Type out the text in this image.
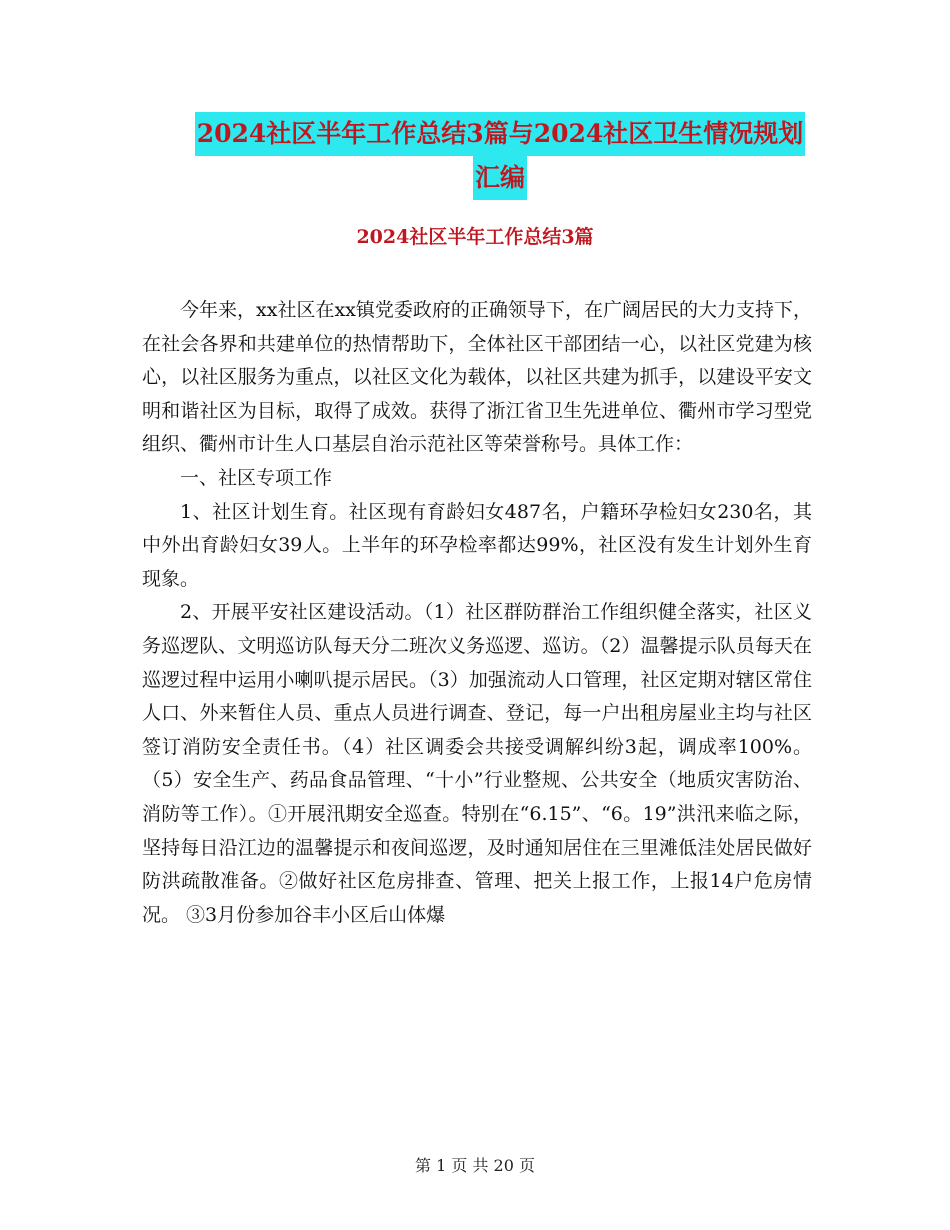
2024社区半年工作总结3篇与2024社区卫生情况规划
汇编
2024社区半年工作总结3篇

今年来，xx社区在xx镇党委政府的正确领导下，在广阔居民的大力支持下，在社会各界和共建单位的热情帮助下，全体社区干部团结一心，以社区党建为核心，以社区服务为重点，以社区文化为载体，以社区共建为抓手，以建设平安文明和谐社区为目标，取得了成效。获得了浙江省卫生先进单位、衢州市学习型党组织、衢州市计生人口基层自治示范社区等荣誉称号。具体工作：

一、社区专项工作

1、社区计划生育。社区现有育龄妇女487名，户籍环孕检妇女230名，其中外出育龄妇女39人。上半年的环孕检率都达99%，社区没有发生计划外生育现象。

2、开展平安社区建设活动。（1）社区群防群治工作组织健全落实，社区义务巡逻队、文明巡访队每天分二班次义务巡逻、巡访。（2）温馨提示队员每天在巡逻过程中运用小喇叭提示居民。（3）加强流动人口管理，社区定期对辖区常住人口、外来暂住人员、重点人员进行调查、登记，每一户出租房屋业主均与社区签订消防安全责任书。（4）社区调委会共接受调解纠纷3起，调成率100%。（5）安全生产、药品食品管理、“十小”行业整规、公共安全（地质灾害防治、消防等工作）。①开展汛期安全巡查。特别在“6.15”、“6。19”洪汛来临之际，坚持每日沿江边的温馨提示和夜间巡逻，及时通知居住在三里滩低洼处居民做好防洪疏散准备。②做好社区危房排查、管理、把关上报工作，上报14户危房情况。 ③3月份参加谷丰小区后山体爆

第 1 页 共 20 页
